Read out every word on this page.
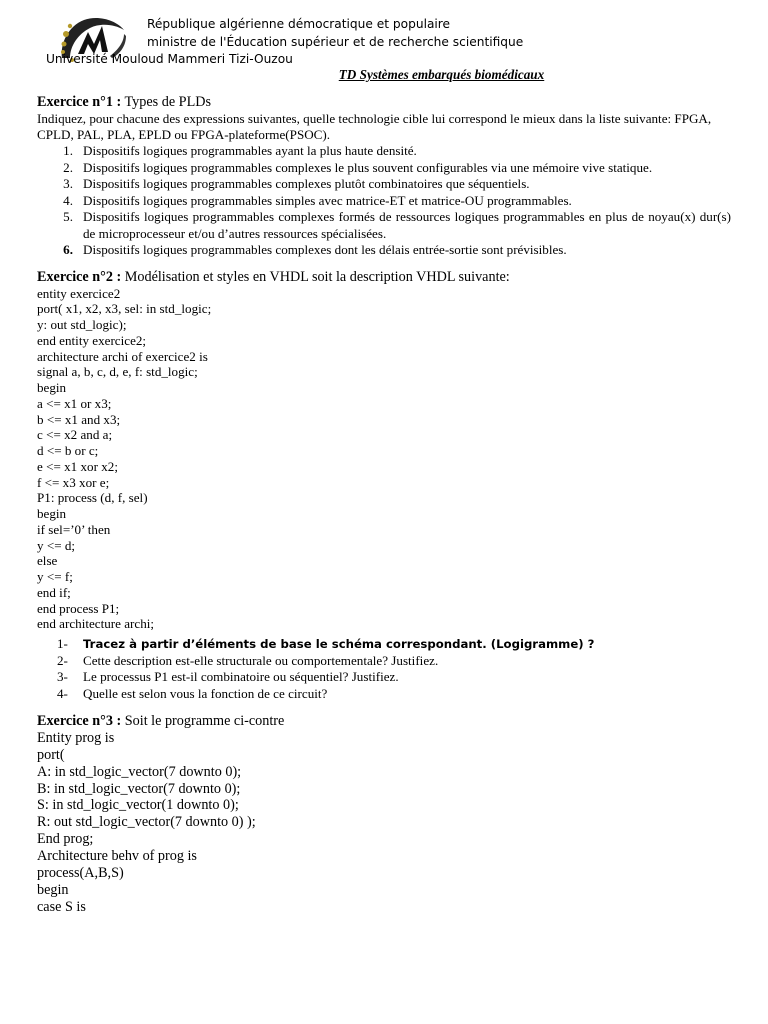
République algérienne démocratique et populaire
ministre de l'Éducation supérieur et de recherche scientifique
Université Mouloud Mammeri Tizi-Ouzou
TD Systèmes embarqués biomédicaux

Exercice n°1 : Types de PLDs

Indiquez, pour chacune des expressions suivantes, quelle technologie cible lui correspond le mieux dans la liste suivante: FPGA, CPLD, PAL, PLA, EPLD ou FPGA-plateforme(PSOC).

1. Dispositifs logiques programmables ayant la plus haute densité.
2. Dispositifs logiques programmables complexes le plus souvent configurables via une mémoire vive statique.
3. Dispositifs logiques programmables complexes plutôt combinatoires que séquentiels.
4. Dispositifs logiques programmables simples avec matrice-ET et matrice-OU programmables.
5. Dispositifs logiques programmables complexes formés de ressources logiques programmables en plus de noyau(x) dur(s) de microprocesseur et/ou d’autres ressources spécialisées.
6. Dispositifs logiques programmables complexes dont les délais entrée-sortie sont prévisibles.

Exercice n°2 : Modélisation et styles en VHDL soit la description VHDL suivante:

entity exercice2
port( x1, x2, x3, sel: in std_logic;
y: out std_logic);
end entity exercice2;
architecture archi of exercice2 is
signal a, b, c, d, e, f: std_logic;
begin
a <= x1 or x3;
b <= x1 and x3;
c <= x2 and a;
d <= b or c;
e <= x1 xor x2;
f <= x3 xor e;
P1: process (d, f, sel)
begin
if sel=’0’ then
y <= d;
else
y <= f;
end if;
end process P1;
end architecture archi;
1- Tracez à partir d’éléments de base le schéma correspondant. (Logigramme) ?
2- Cette description est-elle structurale ou comportementale? Justifiez.
3- Le processus P1 est-il combinatoire ou séquentiel? Justifiez.
4- Quelle est selon vous la fonction de ce circuit?

Exercice n°3 : Soit le programme ci-contre

Entity prog is
port(
A: in std_logic_vector(7 downto 0);
B: in std_logic_vector(7 downto 0);
S: in std_logic_vector(1 downto 0);
R: out std_logic_vector(7 downto 0) );
End prog;
Architecture behv of prog is
process(A,B,S)
begin
case S is
